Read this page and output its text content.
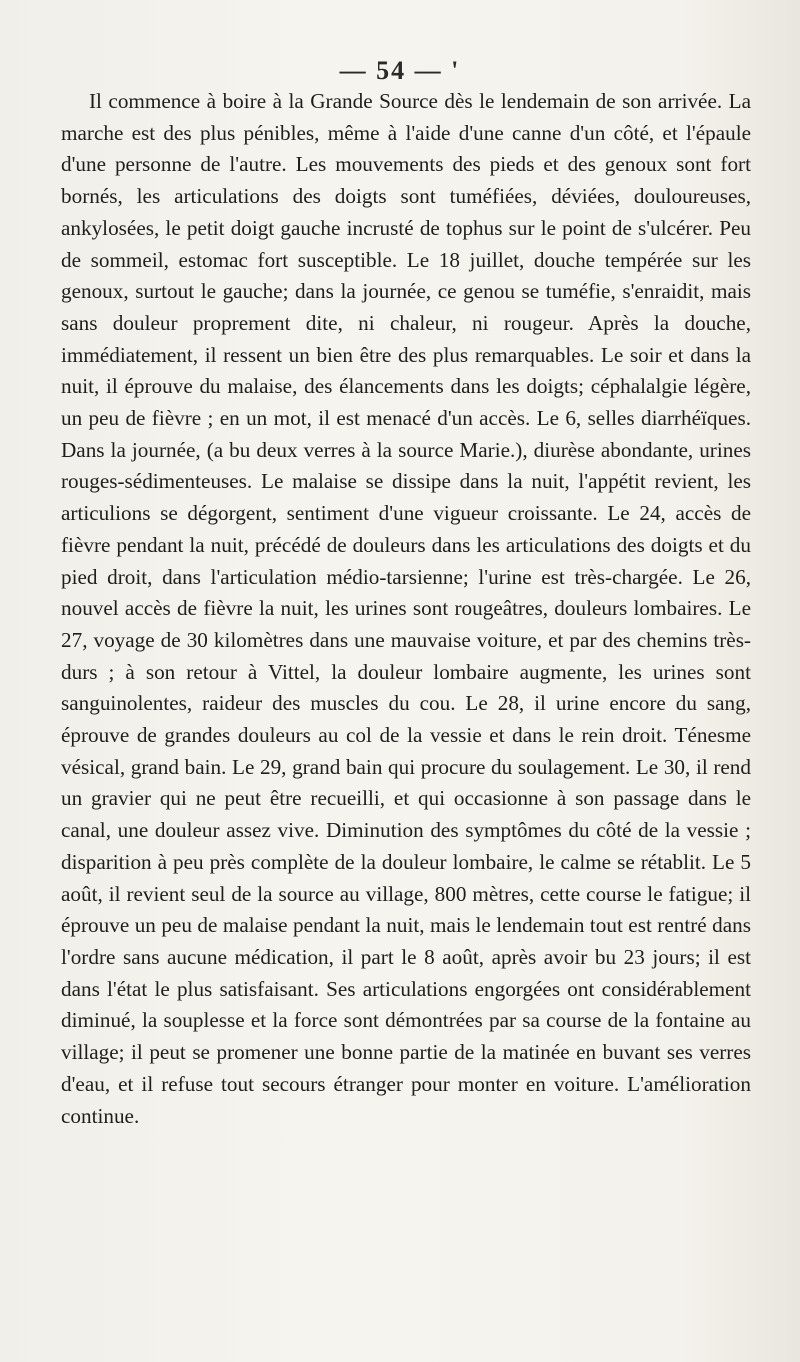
— 54 — '

Il commence à boire à la Grande Source dès le lendemain de son arrivée. La marche est des plus pénibles, même à l'aide d'une canne d'un côté, et l'épaule d'une personne de l'autre. Les mouvements des pieds et des genoux sont fort bornés, les articulations des doigts sont tuméfiées, déviées, douloureuses, ankylosées, le petit doigt gauche incrusté de tophus sur le point de s'ulcérer. Peu de sommeil, estomac fort susceptible. Le 18 juillet, douche tempérée sur les genoux, surtout le gauche; dans la journée, ce genou se tuméfie, s'enraidit, mais sans douleur proprement dite, ni chaleur, ni rougeur. Après la douche, immédiatement, il ressent un bien être des plus remarquables. Le soir et dans la nuit, il éprouve du malaise, des élancements dans les doigts; céphalalgie légère, un peu de fièvre ; en un mot, il est menacé d'un accès. Le 6, selles diarrhéïques. Dans la journée, (a bu deux verres à la source Marie.), diurèse abondante, urines rouges-sédimenteuses. Le malaise se dissipe dans la nuit, l'appétit revient, les articulions se dégorgent, sentiment d'une vigueur croissante. Le 24, accès de fièvre pendant la nuit, précédé de douleurs dans les articulations des doigts et du pied droit, dans l'articulation médio-tarsienne; l'urine est très-chargée. Le 26, nouvel accès de fièvre la nuit, les urines sont rougeâtres, douleurs lombaires. Le 27, voyage de 30 kilomètres dans une mauvaise voiture, et par des chemins très-durs ; à son retour à Vittel, la douleur lombaire augmente, les urines sont sanguinolentes, raideur des muscles du cou. Le 28, il urine encore du sang, éprouve de grandes douleurs au col de la vessie et dans le rein droit. Ténesme vésical, grand bain. Le 29, grand bain qui procure du soulagement. Le 30, il rend un gravier qui ne peut être recueilli, et qui occasionne à son passage dans le canal, une douleur assez vive. Diminution des symptômes du côté de la vessie ; disparition à peu près complète de la douleur lombaire, le calme se rétablit. Le 5 août, il revient seul de la source au village, 800 mètres, cette course le fatigue; il éprouve un peu de malaise pendant la nuit, mais le lendemain tout est rentré dans l'ordre sans aucune médication, il part le 8 août, après avoir bu 23 jours; il est dans l'état le plus satisfaisant. Ses articulations engorgées ont considérablement diminué, la souplesse et la force sont démontrées par sa course de la fontaine au village; il peut se promener une bonne partie de la matinée en buvant ses verres d'eau, et il refuse tout secours étranger pour monter en voiture. L'amélioration continue.
